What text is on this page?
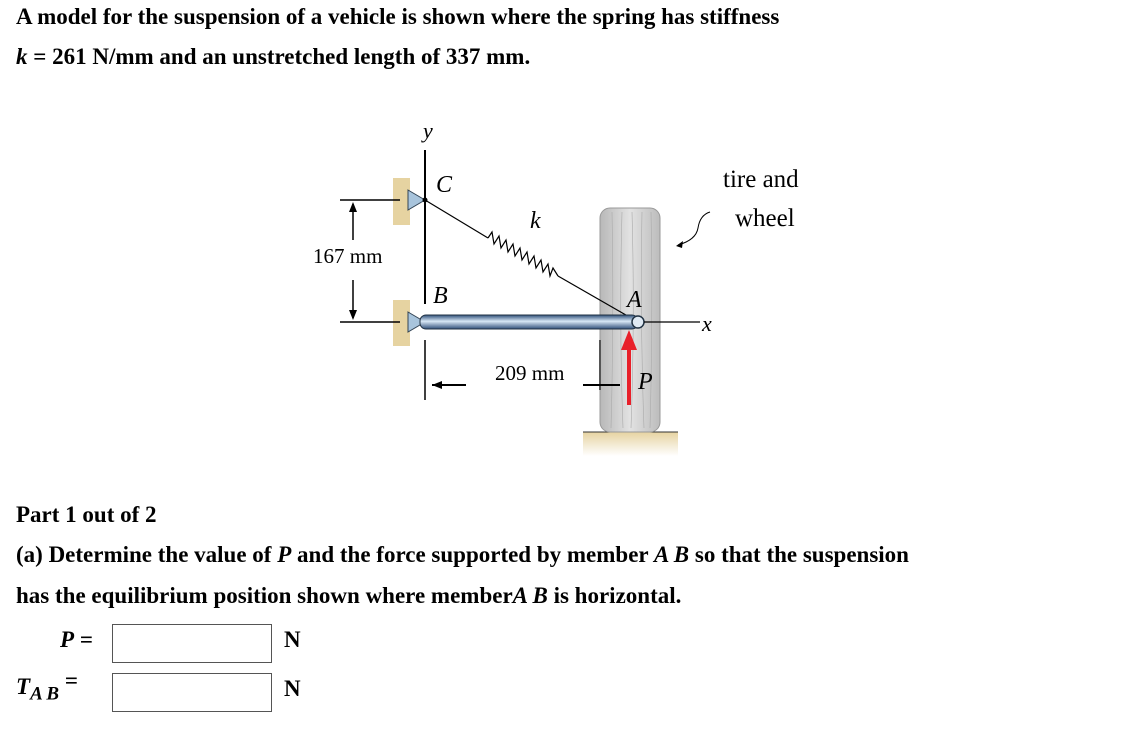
A model for the suspension of a vehicle is shown where the spring has stiffness
k = 261 N/mm and an unstretched length of 337 mm.
y
x
C
B	A
k
P
167 mm
209 mm
tire and
wheel
Part 1 out of 2
(a) Determine the value of P and the force supported by member A B so that the suspension
has the equilibrium position shown where memberA B is horizontal.
P =	N
$T_{A B}$ =	N
